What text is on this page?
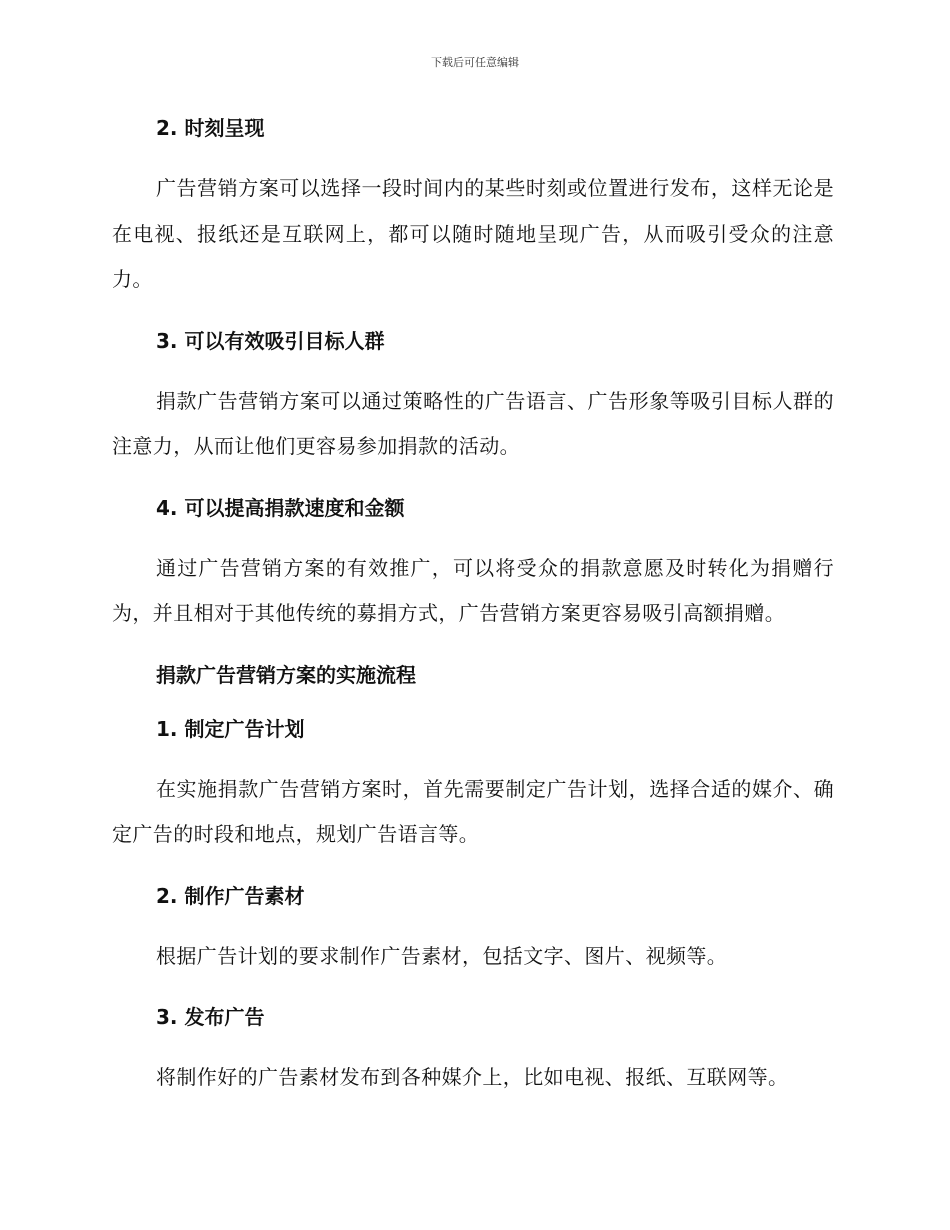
下载后可任意编辑
2. 时刻呈现
广告营销方案可以选择一段时间内的某些时刻或位置进行发布，这样无论是在电视、报纸还是互联网上，都可以随时随地呈现广告，从而吸引受众的注意力。
3. 可以有效吸引目标人群
捐款广告营销方案可以通过策略性的广告语言、广告形象等吸引目标人群的注意力，从而让他们更容易参加捐款的活动。
4. 可以提高捐款速度和金额
通过广告营销方案的有效推广，可以将受众的捐款意愿及时转化为捐赠行为，并且相对于其他传统的募捐方式，广告营销方案更容易吸引高额捐赠。
捐款广告营销方案的实施流程
1. 制定广告计划
在实施捐款广告营销方案时，首先需要制定广告计划，选择合适的媒介、确定广告的时段和地点，规划广告语言等。
2. 制作广告素材
根据广告计划的要求制作广告素材，包括文字、图片、视频等。
3. 发布广告
将制作好的广告素材发布到各种媒介上，比如电视、报纸、互联网等。
